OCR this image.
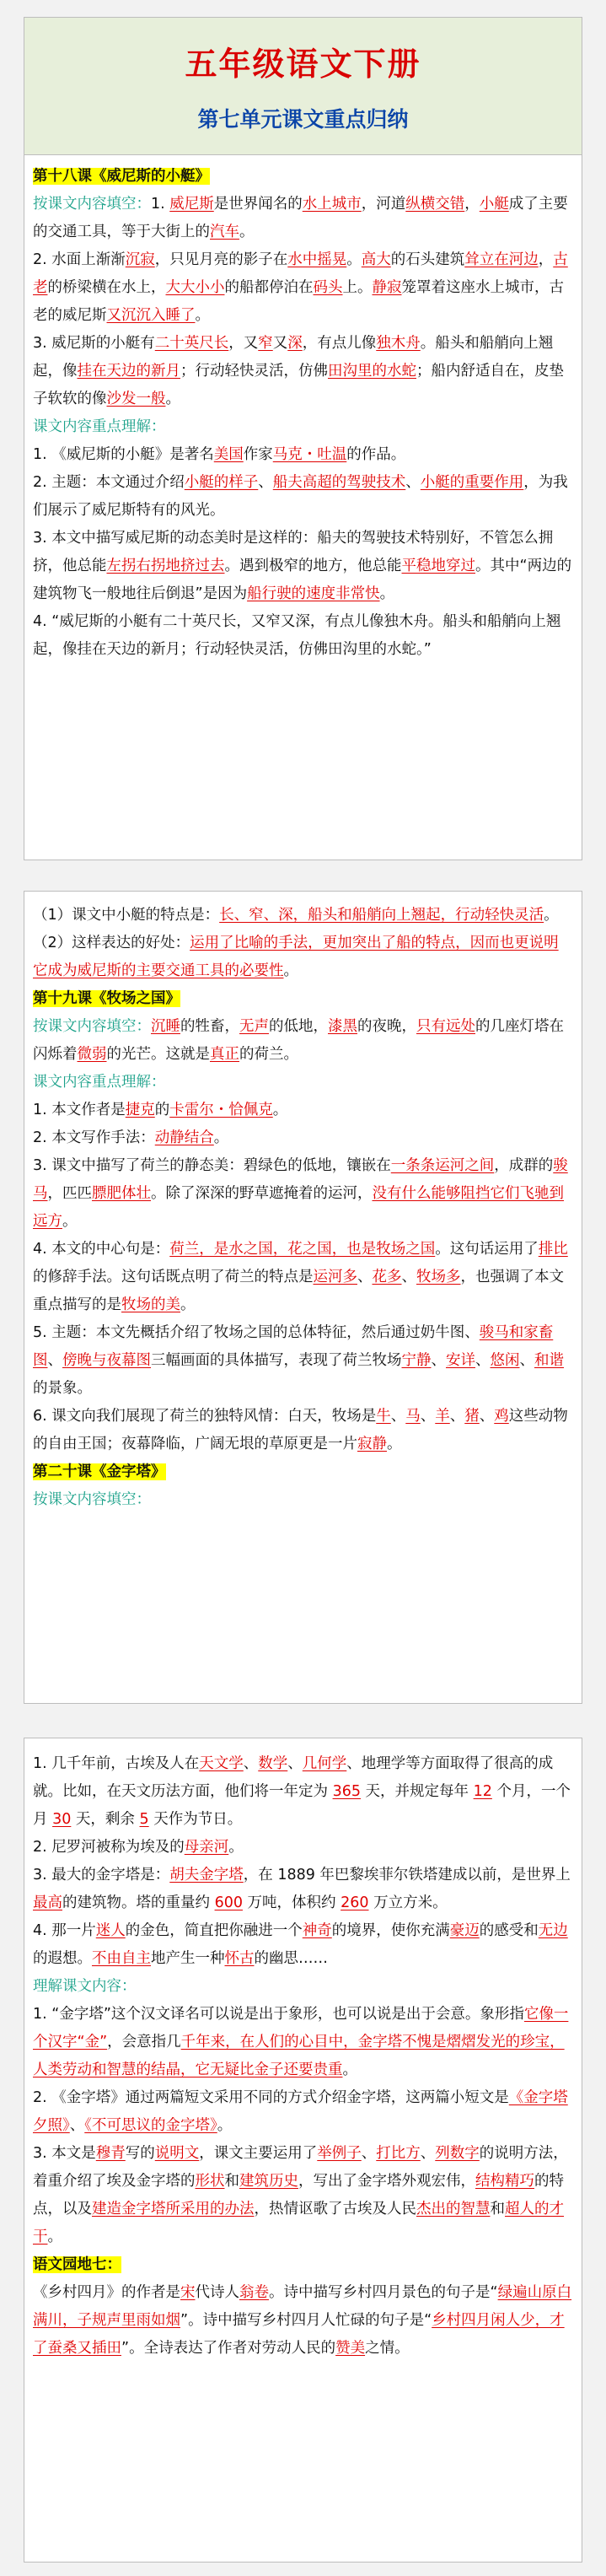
五年级语文下册
第七单元课文重点归纳

第十八课《威尼斯的小艇》

按课文内容填空：1. 威尼斯是世界闻名的水上城市，河道纵横交错，小艇成了主要的交通工具，等于大街上的汽车。

2. 水面上渐渐沉寂，只见月亮的影子在水中摇晃。高大的石头建筑耸立在河边，古老的桥梁横在水上，大大小小的船都停泊在码头上。静寂笼罩着这座水上城市，古老的威尼斯又沉沉入睡了。

3. 威尼斯的小艇有二十英尺长，又窄又深，有点儿像独木舟。船头和船艄向上翘起，像挂在天边的新月；行动轻快灵活，仿佛田沟里的水蛇；船内舒适自在，皮垫子软软的像沙发一般。

课文内容重点理解：

1. 《威尼斯的小艇》是著名美国作家马克・吐温的作品。

2. 主题：本文通过介绍小艇的样子、船夫高超的驾驶技术、小艇的重要作用，为我们展示了威尼斯特有的风光。

3. 本文中描写威尼斯的动态美时是这样的：船夫的驾驶技术特别好，不管怎么拥挤，他总能左拐右拐地挤过去。遇到极窄的地方，他总能平稳地穿过。其中“两边的建筑物飞一般地往后倒退”是因为船行驶的速度非常快。

4. “威尼斯的小艇有二十英尺长，又窄又深，有点儿像独木舟。船头和船艄向上翘起，像挂在天边的新月；行动轻快灵活，仿佛田沟里的水蛇。”

（1）课文中小艇的特点是：长、窄、深，船头和船艄向上翘起，行动轻快灵活。

（2）这样表达的好处：运用了比喻的手法，更加突出了船的特点，因而也更说明它成为威尼斯的主要交通工具的必要性。

第十九课《牧场之国》

按课文内容填空：沉睡的牲畜，无声的低地，漆黑的夜晚，只有远处的几座灯塔在闪烁着微弱的光芒。这就是真正的荷兰。

课文内容重点理解：

1. 本文作者是捷克的卡雷尔・恰佩克。

2. 本文写作手法：动静结合。

3. 课文中描写了荷兰的静态美：碧绿色的低地，镶嵌在一条条运河之间，成群的骏马，匹匹膘肥体壮。除了深深的野草遮掩着的运河，没有什么能够阻挡它们飞驰到远方。

4. 本文的中心句是：荷兰，是水之国，花之国，也是牧场之国。这句话运用了排比的修辞手法。这句话既点明了荷兰的特点是运河多、花多、牧场多，也强调了本文重点描写的是牧场的美。

5. 主题：本文先概括介绍了牧场之国的总体特征，然后通过奶牛图、骏马和家畜图、傍晚与夜幕图三幅画面的具体描写，表现了荷兰牧场宁静、安详、悠闲、和谐的景象。

6. 课文向我们展现了荷兰的独特风情：白天，牧场是牛、马、羊、猪、鸡这些动物的自由王国；夜幕降临，广阔无垠的草原更是一片寂静。

第二十课《金字塔》

按课文内容填空：

1. 几千年前，古埃及人在天文学、数学、几何学、地理学等方面取得了很高的成就。比如，在天文历法方面，他们将一年定为 365 天，并规定每年 12 个月，一个月 30 天，剩余 5 天作为节日。

2. 尼罗河被称为埃及的母亲河。

3. 最大的金字塔是：胡夫金字塔，在 1889 年巴黎埃菲尔铁塔建成以前，是世界上最高的建筑物。塔的重量约 600 万吨，体积约 260 万立方米。

4. 那一片迷人的金色，简直把你融进一个神奇的境界，使你充满豪迈的感受和无边的遐想。不由自主地产生一种怀古的幽思……

理解课文内容：

1. “金字塔”这个汉文译名可以说是出于象形，也可以说是出于会意。象形指它像一个汉字“金”，会意指几千年来，在人们的心目中，金字塔不愧是熠熠发光的珍宝，人类劳动和智慧的结晶，它无疑比金子还要贵重。

2. 《金字塔》通过两篇短文采用不同的方式介绍金字塔，这两篇小短文是《金字塔夕照》、《不可思议的金字塔》。

3. 本文是穆青写的说明文，课文主要运用了举例子、打比方、列数字的说明方法，着重介绍了埃及金字塔的形状和建筑历史，写出了金字塔外观宏伟，结构精巧的特点，以及建造金字塔所采用的办法，热情讴歌了古埃及人民杰出的智慧和超人的才干。

语文园地七：

《乡村四月》的作者是宋代诗人翁卷。诗中描写乡村四月景色的句子是“绿遍山原白满川，子规声里雨如烟”。诗中描写乡村四月人忙碌的句子是“乡村四月闲人少，才了蚕桑又插田”。全诗表达了作者对劳动人民的赞美之情。
